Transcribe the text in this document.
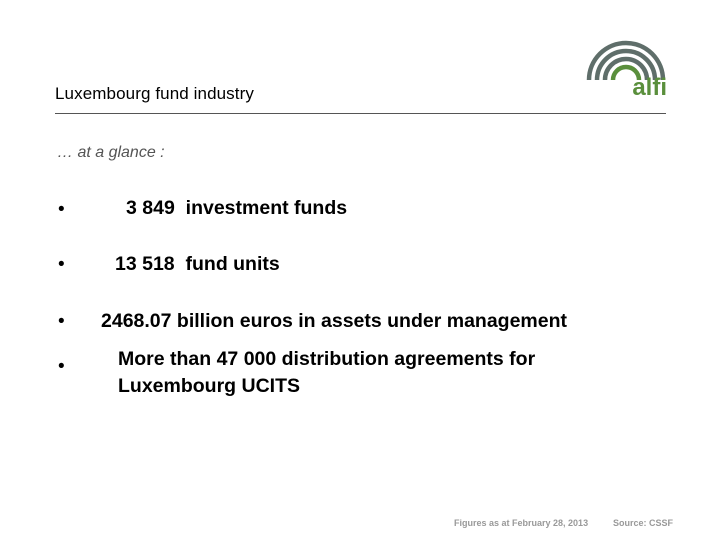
Luxembourg fund industry	alfi
… at a glance :
•	3 849 investment funds
•	13 518 fund units
• 2468.07 billion euros in assets under management
•	More than 47 000 distribution agreements for
Luxembourg UCITS
Figures as at February 28, 2013	Source: CSSF
